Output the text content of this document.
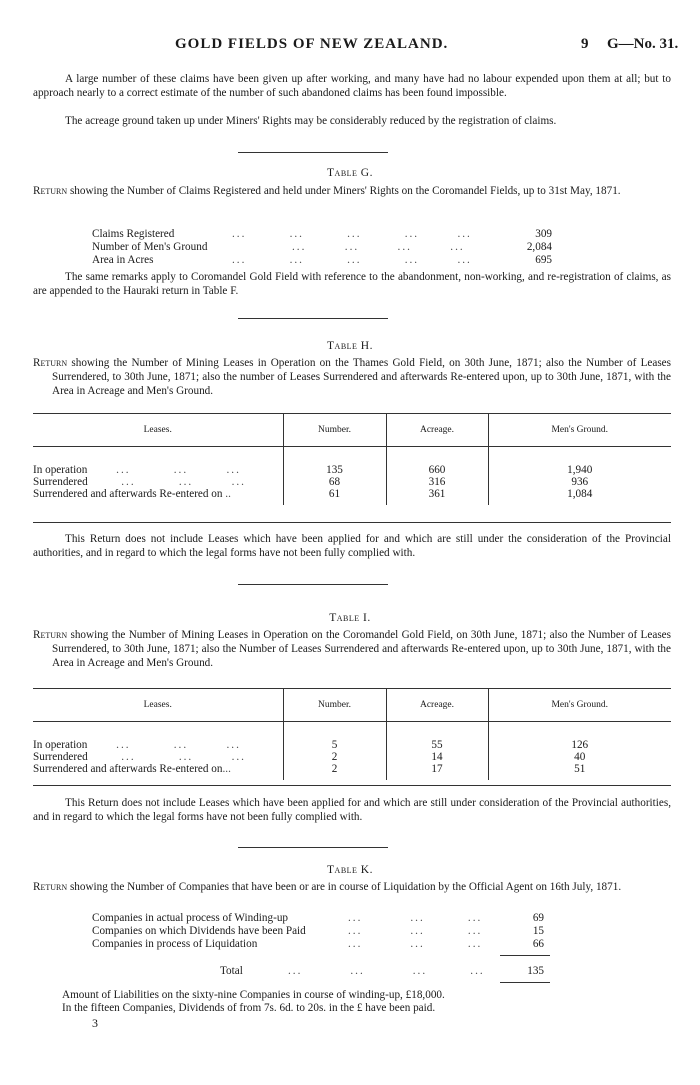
GOLD FIELDS OF NEW ZEALAND.	9 G—No. 31.

A large number of these claims have been given up after working, and many have had no labour expended upon them at all; but to approach nearly to a correct estimate of the number of such abandoned claims has been found impossible.

The acreage ground taken up under Miners' Rights may be considerably reduced by the registration of claims.

Table G.

Return showing the Number of Claims Registered and held under Miners' Rights on the Coromandel Fields, up to 31st May, 1871.

Claims Registered	...         ...         ...         ...        ...	309
Number of Men's Ground	...        ...        ...        ...	2,084
Area in Acres	...         ...         ...         ...        ...	695

The same remarks apply to Coromandel Gold Field with reference to the abandonment, non-working, and re-registration of claims, as are appended to the Hauraki return in Table F.

Table H.

Return showing the Number of Mining Leases in Operation on the Thames Gold Field, on 30th June, 1871; also the Number of Leases Surrendered, to 30th June, 1871; also the number of Leases Surrendered and afterwards Re-entered upon, up to 30th June, 1871, with the Area in Acreage and Men's Ground.

Leases.	Number.	Acreage.	Men's Ground.
In operation      ...         ...        ...	135	660	1,940
Surrendered       ...         ...        ...	68	316	936
Surrendered and afterwards Re-entered on ..	61	361	1,084

This Return does not include Leases which have been applied for and which are still under the consideration of the Provincial authorities, and in regard to which the legal forms have not been fully complied with.

Table I.

Return showing the Number of Mining Leases in Operation on the Coromandel Gold Field, on 30th June, 1871; also the Number of Leases Surrendered, to 30th June, 1871; also the Number of Leases Surrendered and afterwards Re-entered upon, up to 30th June, 1871, with the Area in Acreage and Men's Ground.

Leases.	Number.	Acreage.	Men's Ground.
In operation      ...         ...        ...	5	55	126
Surrendered       ...         ...        ...	2	14	40
Surrendered and afterwards Re-entered on...	2	17	51

This Return does not include Leases which have been applied for and which are still under consideration of the Provincial authorities, and in regard to which the legal forms have not been fully complied with.

Table K.

Return showing the Number of Companies that have been or are in course of Liquidation by the Official Agent on 16th July, 1871.

Companies in actual process of Winding-up	...          ...         ...	69
Companies on which Dividends have been Paid	...          ...         ...	15
Companies in process of Liquidation	...          ...         ...	66
Total	...          ...          ...         ...	135
Amount of Liabilities on the sixty-nine Companies in course of winding-up, £18,000.
In the fifteen Companies, Dividends of from 7s. 6d. to 20s. in the £ have been paid.
3
